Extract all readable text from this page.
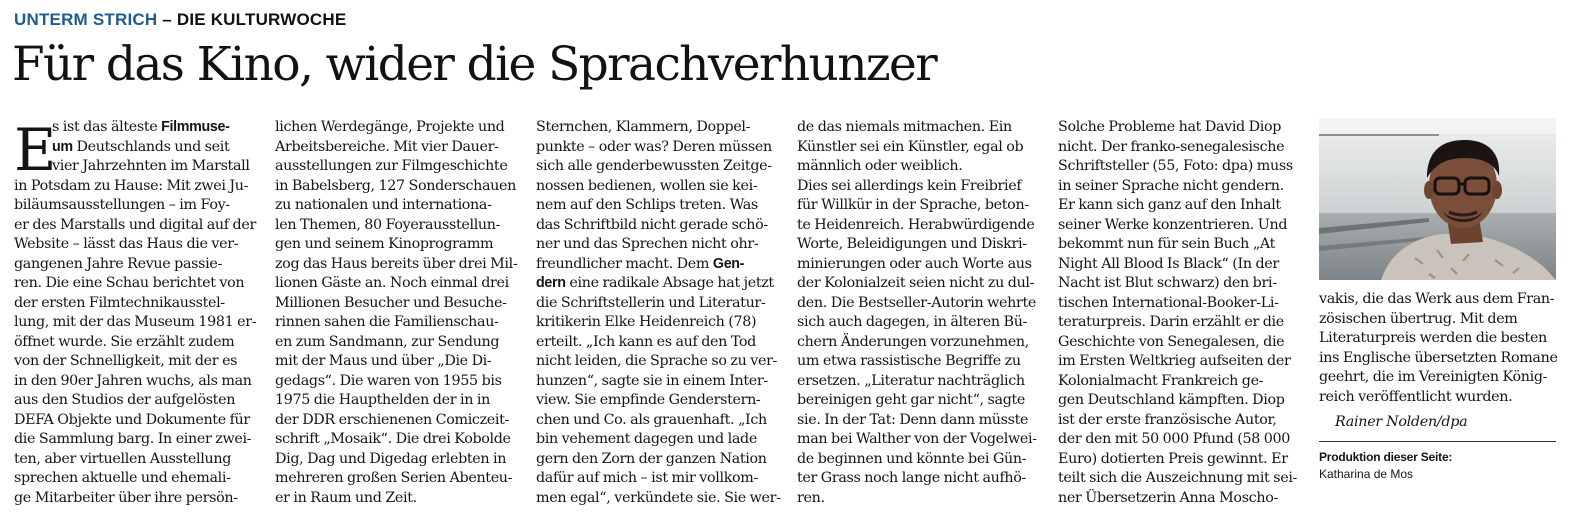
UNTERM STRICH – DIE KULTURWOCHE
Für das Kino, wider die Sprachverhunzer
E
s ist das älteste Filmmuse-
um Deutschlands und seit
vier Jahrzehnten im Marstall
in Potsdam zu Hause: Mit zwei Ju-
biläumsausstellungen – im Foy-
er des Marstalls und digital auf der
Website – lässt das Haus die ver-
gangenen Jahre Revue passie-
ren. Die eine Schau berichtet von
der ersten Filmtechnikausstel-
lung, mit der das Museum 1981 er-
öffnet wurde. Sie erzählt zudem
von der Schnelligkeit, mit der es
in den 90er Jahren wuchs, als man
aus den Studios der aufgelösten
DEFA Objekte und Dokumente für
die Sammlung barg. In einer zwei-
ten, aber virtuellen Ausstellung
sprechen aktuelle und ehemali-
ge Mitarbeiter über ihre persön-
lichen Werdegänge, Projekte und
Arbeitsbereiche. Mit vier Dauer-
ausstellungen zur Filmgeschichte
in Babelsberg, 127 Sonderschauen
zu nationalen und internationa-
len Themen, 80 Foyerausstellun-
gen und seinem Kinoprogramm
zog das Haus bereits über drei Mil-
lionen Gäste an. Noch einmal drei
Millionen Besucher und Besuche-
rinnen sahen die Familienschau-
en zum Sandmann, zur Sendung
mit der Maus und über „Die Di-
gedags“. Die waren von 1955 bis
1975 die Haupthelden der in in
der DDR erschienenen Comiczeit-
schrift „Mosaik“. Die drei Kobolde
Dig, Dag und Digedag erlebten in
mehreren großen Serien Abenteu-
er in Raum und Zeit.
Sternchen, Klammern, Doppel-
punkte – oder was? Deren müssen
sich alle genderbewussten Zeitge-
nossen bedienen, wollen sie kei-
nem auf den Schlips treten. Was
das Schriftbild nicht gerade schö-
ner und das Sprechen nicht ohr-
freundlicher macht. Dem Gen-
dern eine radikale Absage hat jetzt
die Schriftstellerin und Literatur-
kritikerin Elke Heidenreich (78)
erteilt. „Ich kann es auf den Tod
nicht leiden, die Sprache so zu ver-
hunzen“, sagte sie in einem Inter-
view. Sie empfinde Genderstern-
chen und Co. als grauenhaft. „Ich
bin vehement dagegen und lade
gern den Zorn der ganzen Nation
dafür auf mich – ist mir vollkom-
men egal“, verkündete sie. Sie wer-
de das niemals mitmachen. Ein
Künstler sei ein Künstler, egal ob
männlich oder weiblich.
Dies sei allerdings kein Freibrief
für Willkür in der Sprache, beton-
te Heidenreich. Herabwürdigende
Worte, Beleidigungen und Diskri-
minierungen oder auch Worte aus
der Kolonialzeit seien nicht zu dul-
den. Die Bestseller-Autorin wehrte
sich auch dagegen, in älteren Bü-
chern Änderungen vorzunehmen,
um etwa rassistische Begriffe zu
ersetzen. „Literatur nachträglich
bereinigen geht gar nicht“, sagte
sie. In der Tat: Denn dann müsste
man bei Walther von der Vogelwei-
de beginnen und könnte bei Gün-
ter Grass noch lange nicht aufhö-
ren.
Solche Probleme hat David Diop
nicht. Der franko-senegalesische
Schriftsteller (55, Foto: dpa) muss
in seiner Sprache nicht gendern.
Er kann sich ganz auf den Inhalt
seiner Werke konzentrieren. Und
bekommt nun für sein Buch „At
Night All Blood Is Black“ (In der
Nacht ist Blut schwarz) den bri-
tischen International-Booker-Li-
teraturpreis. Darin erzählt er die
Geschichte von Senegalesen, die
im Ersten Weltkrieg aufseiten der
Kolonialmacht Frankreich ge-
gen Deutschland kämpften. Diop
ist der erste französische Autor,
der den mit 50 000 Pfund (58 000
Euro) dotierten Preis gewinnt. Er
teilt sich die Auszeichnung mit sei-
ner Übersetzerin Anna Moscho-
vakis, die das Werk aus dem Fran-
zösischen übertrug. Mit dem
Literaturpreis werden die besten
ins Englische übersetzten Romane
geehrt, die im Vereinigten König-
reich veröffentlicht wurden.
Rainer Nolden/dpa
Produktion dieser Seite:
Katharina de Mos
